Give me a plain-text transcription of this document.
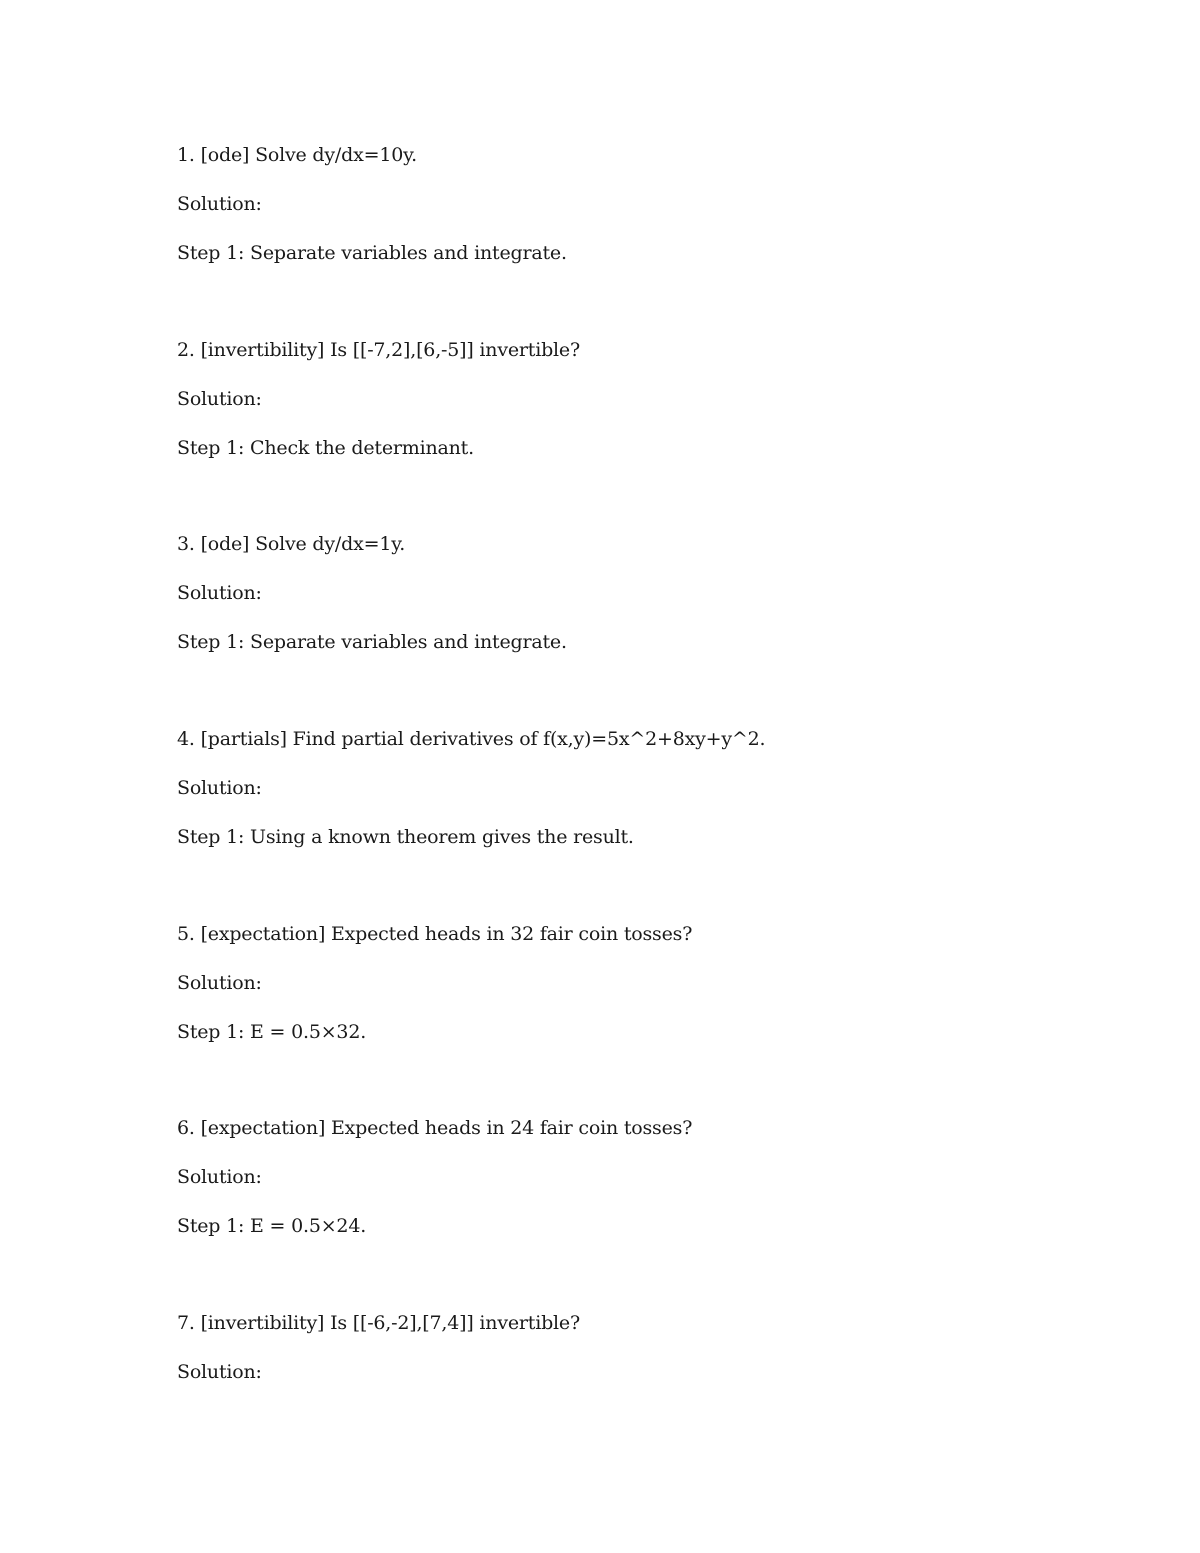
1. [ode] Solve dy/dx=10y.
Solution:
Step 1: Separate variables and integrate.
2. [invertibility] Is [[-7,2],[6,-5]] invertible?
Solution:
Step 1: Check the determinant.
3. [ode] Solve dy/dx=1y.
Solution:
Step 1: Separate variables and integrate.
4. [partials] Find partial derivatives of f(x,y)=5x^2+8xy+y^2.
Solution:
Step 1: Using a known theorem gives the result.
5. [expectation] Expected heads in 32 fair coin tosses?
Solution:
Step 1: E = 0.5×32.
6. [expectation] Expected heads in 24 fair coin tosses?
Solution:
Step 1: E = 0.5×24.
7. [invertibility] Is [[-6,-2],[7,4]] invertible?
Solution:
